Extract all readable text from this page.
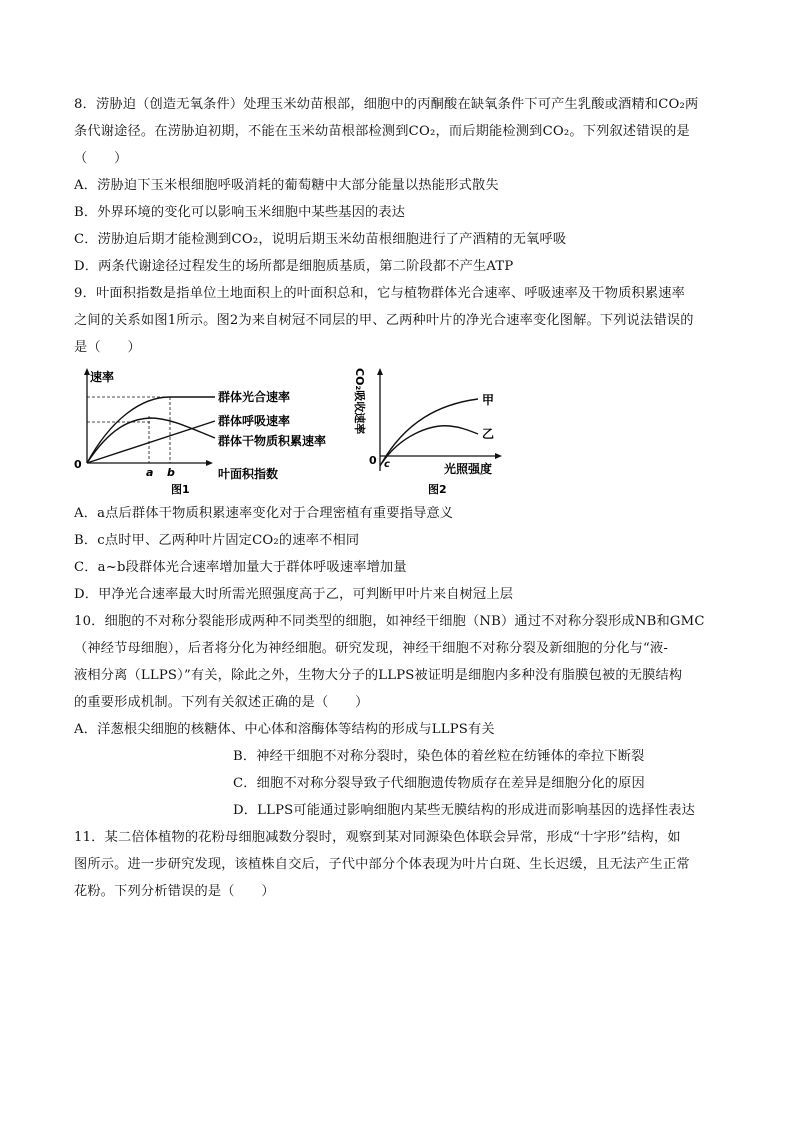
8．涝胁迫（创造无氧条件）处理玉米幼苗根部，细胞中的丙酮酸在缺氧条件下可产生乳酸或酒精和CO₂两
条代谢途径。在涝胁迫初期，不能在玉米幼苗根部检测到CO₂，而后期能检测到CO₂。下列叙述错误的是
（　　）
A．涝胁迫下玉米根细胞呼吸消耗的葡萄糖中大部分能量以热能形式散失
B．外界环境的变化可以影响玉米细胞中某些基因的表达
C．涝胁迫后期才能检测到CO₂，说明后期玉米幼苗根细胞进行了产酒精的无氧呼吸
D．两条代谢途径过程发生的场所都是细胞质基质，第二阶段都不产生ATP
9．叶面积指数是指单位土地面积上的叶面积总和，它与植物群体光合速率、呼吸速率及干物质积累速率
之间的关系如图1所示。图2为来自树冠不同层的甲、乙两种叶片的净光合速率变化图解。下列说法错误的
是（　　）
速率
0
群体光合速率
群体呼吸速率
群体干物质积累速率
a b	叶面积指数
图1
CO₂吸收速率
0 c
甲
乙
光照强度
图2
A．a点后群体干物质积累速率变化对于合理密植有重要指导意义
B．c点时甲、乙两种叶片固定CO₂的速率不相同
C．a~b段群体光合速率增加量大于群体呼吸速率增加量
D．甲净光合速率最大时所需光照强度高于乙，可判断甲叶片来自树冠上层
10．细胞的不对称分裂能形成两种不同类型的细胞，如神经干细胞（NB）通过不对称分裂形成NB和GMC
（神经节母细胞），后者将分化为神经细胞。研究发现，神经干细胞不对称分裂及新细胞的分化与“液-
液相分离（LLPS）”有关，除此之外，生物大分子的LLPS被证明是细胞内多种没有脂膜包被的无膜结构
的重要形成机制。下列有关叙述正确的是（　　）
A．洋葱根尖细胞的核糖体、中心体和溶酶体等结构的形成与LLPS有关
B．神经干细胞不对称分裂时，染色体的着丝粒在纺锤体的牵拉下断裂
C．细胞不对称分裂导致子代细胞遗传物质存在差异是细胞分化的原因
D．LLPS可能通过影响细胞内某些无膜结构的形成进而影响基因的选择性表达
11．某二倍体植物的花粉母细胞减数分裂时，观察到某对同源染色体联会异常，形成“十字形”结构，如
图所示。进一步研究发现，该植株自交后，子代中部分个体表现为叶片白斑、生长迟缓，且无法产生正常
花粉。下列分析错误的是（　　）
